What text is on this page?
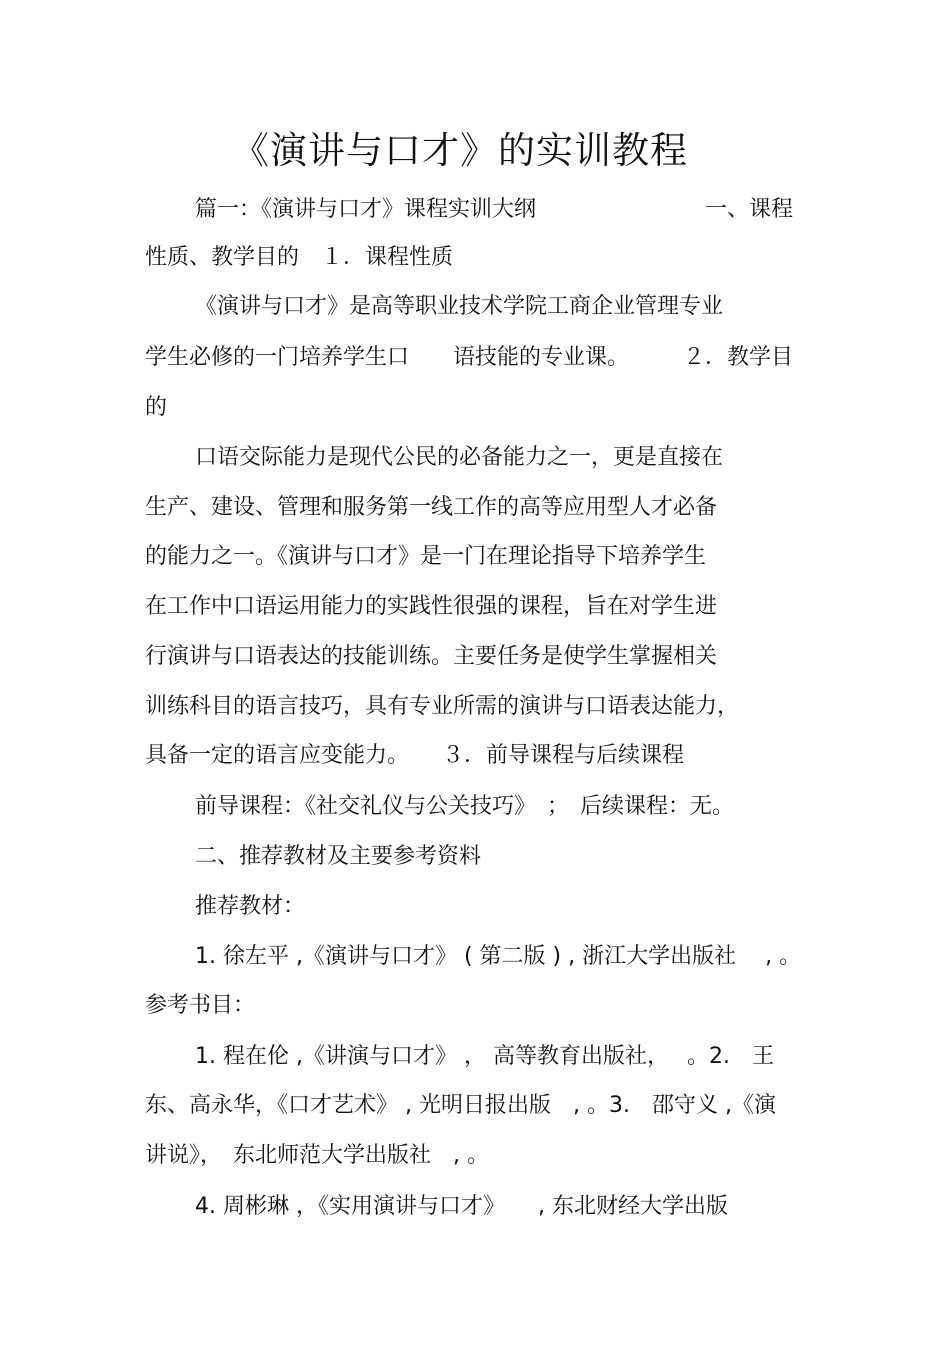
《演讲与口才》的实训教程
篇一：《演讲与口才》课程实训大纲	一、课程
性质、教学目的　１．课程性质
《演讲与口才》是高等职业技术学院工商企业管理专业
学生必修的一门培养学生口　　语技能的专业课。 ２．教学目
的
口语交际能力是现代公民的必备能力之一，更是直接在
生产、建设、管理和服务第一线工作的高等应用型人才必备
的能力之一。《演讲与口才》是一门在理论指导下培养学生
在工作中口语运用能力的实践性很强的课程，旨在对学生进
行演讲与口语表达的技能训练。主要任务是使学生掌握相关
训练科目的语言技巧，具有专业所需的演讲与口语表达能力，
具备一定的语言应变能力。　　３．前导课程与后续课程
前导课程：《社交礼仪与公关技巧》　；　后续课程：无。
二、推荐教材及主要参考资料
推荐教材：
1. 徐左平 ,《演讲与口才》 ( 第二版 ) , 浙江大学出版社 　, 。
参考书目：
1. 程在伦 ,《讲演与口才》 ， 高等教育出版社，　 。2.　王
东、高永华，《口才艺术》 , 光明日报出版　, 。3.　邵守义 ,《演
讲说》，　东北师范大学出版社　, 。
4. 周彬琳 ，《实用演讲与口才》　　, 东北财经大学出版
